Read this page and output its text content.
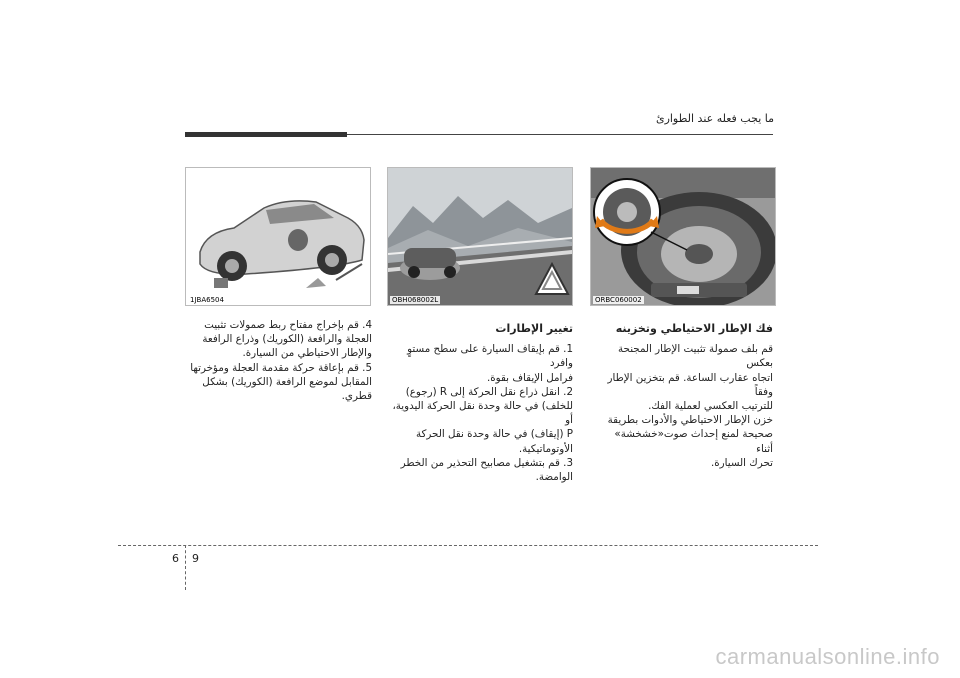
ما يجب فعله عند الطوارئ
ORBC060002
OBH068002L
1JBA6504
فك الإطار الاحتياطي وتخزينه

قم بلف صمولة تثبيت الإطار المجنحة بعكس

اتجاه عقارب الساعة. قم بتخزين الإطار وفقاً

للترتيب العكسي لعملية الفك.

خزن الإطار الاحتياطي والأدوات بطريقة

صحيحة لمنع إحداث صوت«خشخشة» أثناء

تحرك السيارة.

تغيير الإطارات

1. قم بإيقاف السيارة على سطح مستوٍ وافرد

فرامل الإيقاف بقوة.

2. انقل ذراع نقل الحركة إلى R (رجوع)

للخلف) في حالة وحدة نقل الحركة اليدوية، أو

P (إيقاف) في حالة وحدة نقل الحركة

الأوتوماتيكية.

3. قم بتشغيل مصابيح التحذير من الخطر

الوامضة.

4. قم بإخراج مفتاح ربط صمولات تثبيت

العجلة والرافعة (الكوريك) وذراع الرافعة

والإطار الاحتياطي من السيارة.

5. قم بإعاقة حركة مقدمة العجلة ومؤخرتها

المقابل لموضع الرافعة (الكوريك) بشكل

قطري.

6 9
carmanualsonline.info
